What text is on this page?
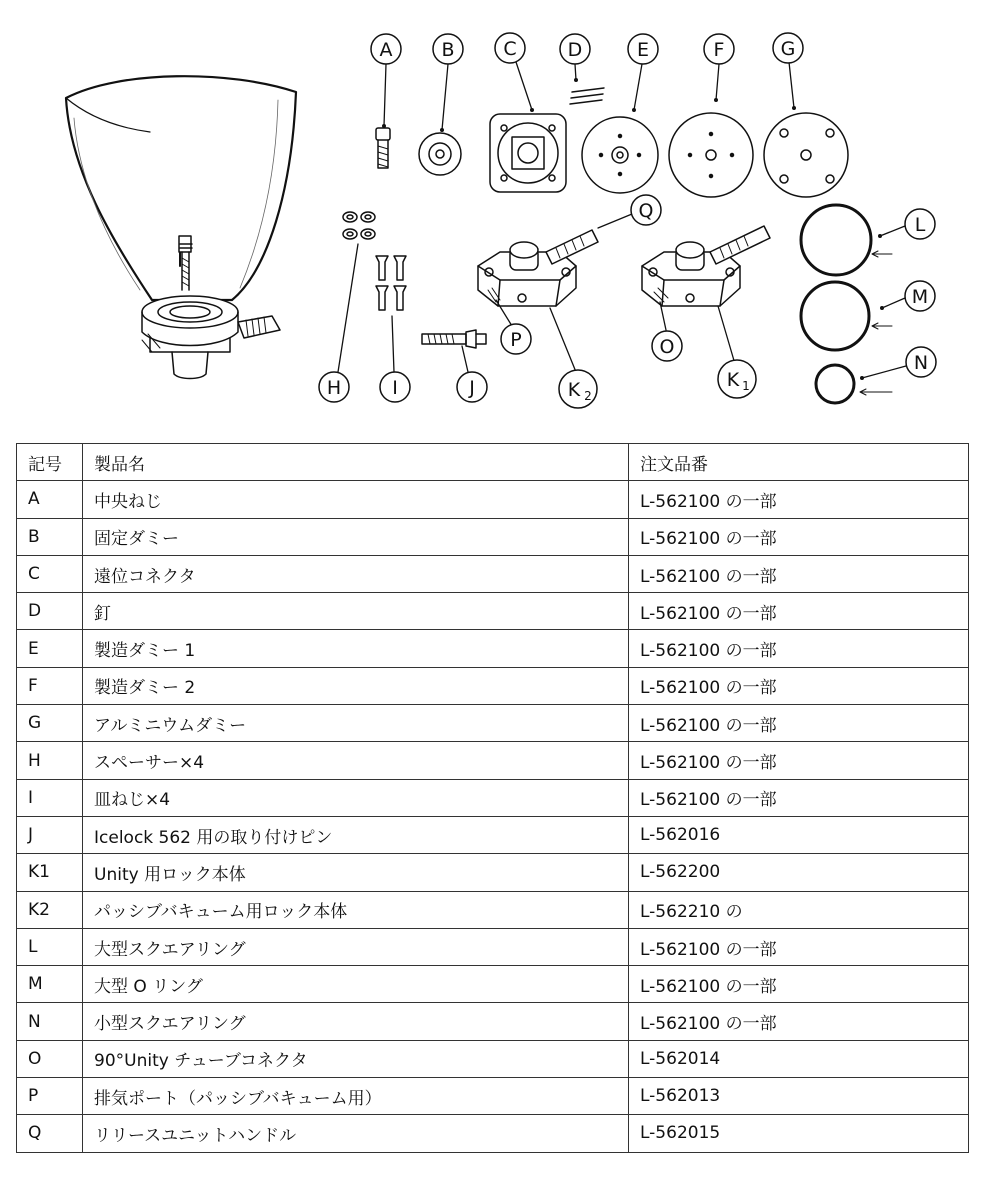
A	B	C	D	E	F	G
Q
L
M
N
P	O
H	I	J	K 2
K 1
記号	製品名	注文品番
A	中央ねじ	L-562100 の一部
B	固定ダミー	L-562100 の一部
C	遠位コネクタ	L-562100 の一部
D	釘	L-562100 の一部
E	製造ダミー 1	L-562100 の一部
F	製造ダミー 2	L-562100 の一部
G	アルミニウムダミー	L-562100 の一部
H	スペーサー×4	L-562100 の一部
I	皿ねじ×4	L-562100 の一部
J	Icelock 562 用の取り付けピン	L-562016
K1	Unity 用ロック本体	L-562200
K2	パッシブバキューム用ロック本体	L-562210 の
L	大型スクエアリング	L-562100 の一部
M	大型 O リング	L-562100 の一部
N	小型スクエアリング	L-562100 の一部
O	90°Unity チューブコネクタ	L-562014
P	排気ポート（パッシブバキューム用）	L-562013
Q	リリースユニットハンドル	L-562015
